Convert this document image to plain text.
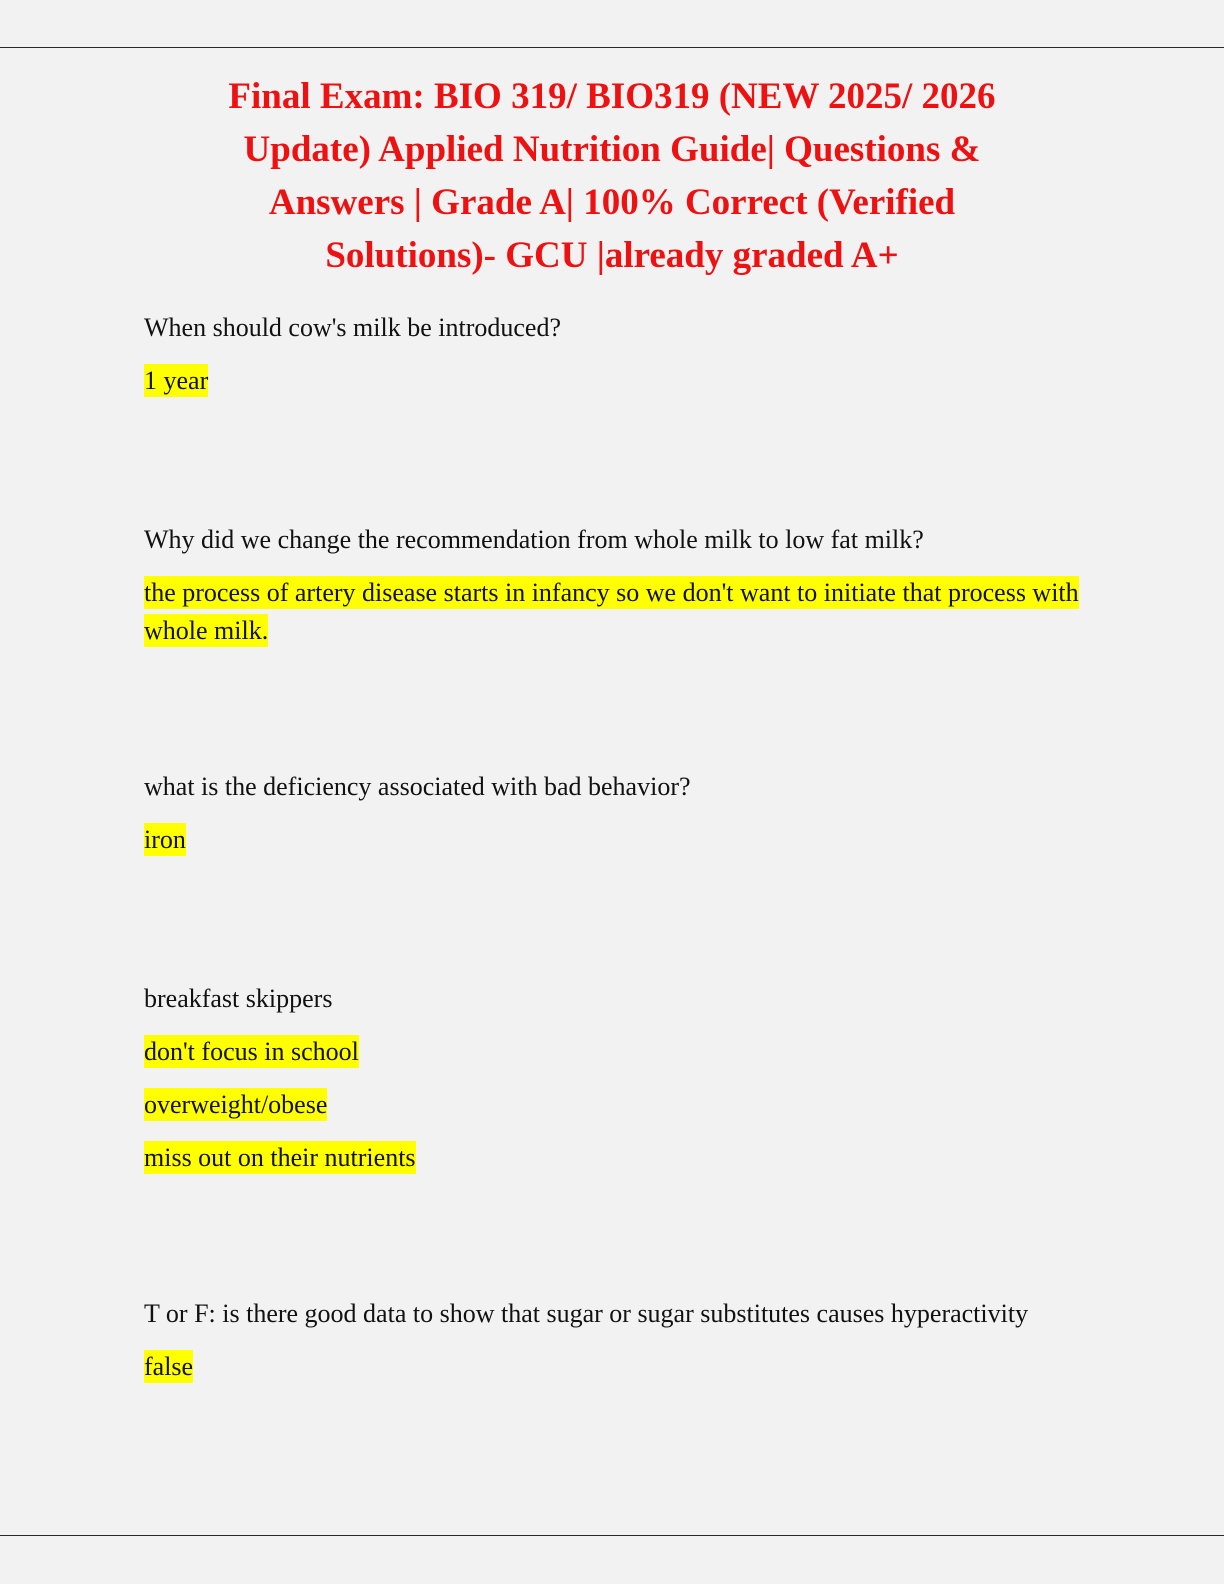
Final Exam: BIO 319/ BIO319 (NEW 2025/ 2026 Update) Applied Nutrition Guide| Questions & Answers | Grade A| 100% Correct (Verified Solutions)- GCU |already graded A+

When should cow's milk be introduced?

1 year

Why did we change the recommendation from whole milk to low fat milk?

the process of artery disease starts in infancy so we don't want to initiate that process with whole milk.

what is the deficiency associated with bad behavior?

iron

breakfast skippers

don't focus in school

overweight/obese

miss out on their nutrients

T or F: is there good data to show that sugar or sugar substitutes causes hyperactivity

false
